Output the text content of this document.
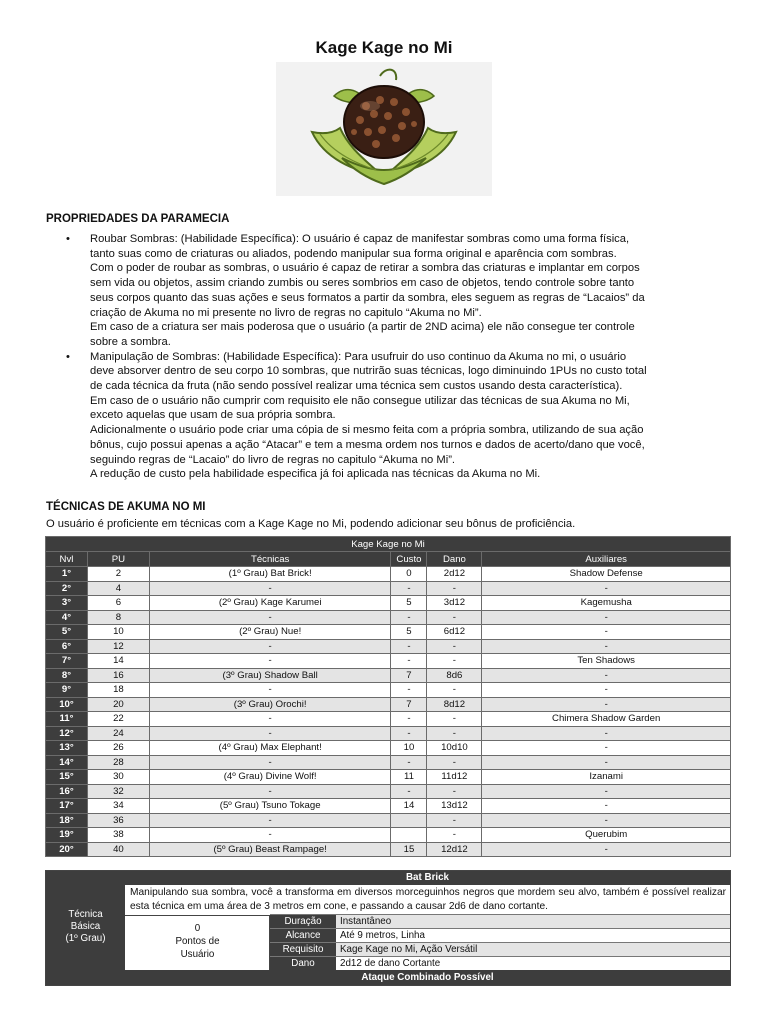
Kage Kage no Mi
PROPRIEDADES DA PARAMECIA
• Roubar Sombras: (Habilidade Específica): O usuário é capaz de manifestar sombras como uma forma física,

tanto suas como de criaturas ou aliados, podendo manipular sua forma original e aparência com sombras.

Com o poder de roubar as sombras, o usuário é capaz de retirar a sombra das criaturas e implantar em corpos

sem vida ou objetos, assim criando zumbis ou seres sombrios em caso de objetos, tendo controle sobre tanto

seus corpos quanto das suas ações e seus formatos a partir da sombra, eles seguem as regras de “Lacaios” da

criação de Akuma no mi presente no livro de regras no capitulo “Akuma no Mi”.

Em caso de a criatura ser mais poderosa que o usuário (a partir de 2ND acima) ele não consegue ter controle

sobre a sombra.

• Manipulação de Sombras: (Habilidade Específica): Para usufruir do uso continuo da Akuma no mi, o usuário

deve absorver dentro de seu corpo 10 sombras, que nutrirão suas técnicas, logo diminuindo 1PUs no custo total

de cada técnica da fruta (não sendo possível realizar uma técnica sem custos usando desta característica).

Em caso de o usuário não cumprir com requisito ele não consegue utilizar das técnicas de sua Akuma no Mi,

exceto aquelas que usam de sua própria sombra.

Adicionalmente o usuário pode criar uma cópia de si mesmo feita com a própria sombra, utilizando de sua ação

bônus, cujo possui apenas a ação “Atacar” e tem a mesma ordem nos turnos e dados de acerto/dano que você,

seguindo regras de “Lacaio” do livro de regras no capitulo “Akuma no Mi”.

A redução de custo pela habilidade especifica já foi aplicada nas técnicas da Akuma no Mi.

TÉCNICAS DE AKUMA NO MI
O usuário é proficiente em técnicas com a Kage Kage no Mi, podendo adicionar seu bônus de proficiência.
Kage Kage no Mi					
Nvl	PU	Técnicas	Custo	Dano	Auxiliares
1°	2	(1º Grau) Bat Brick!	0	2d12	Shadow Defense
2°	4	-	-	-	-
3°	6	(2º Grau) Kage Karumei	5	3d12	Kagemusha
4°	8	-	-	-	-
5°	10	(2º Grau) Nue!	5	6d12	-
6°	12	-	-	-	-
7°	14	-	-	-	Ten Shadows
8°	16	(3º Grau) Shadow Ball	7	8d6	-
9°	18	-	-	-	-
10°	20	(3º Grau) Orochi!	7	8d12	-
11°	22	-	-	-	Chimera Shadow Garden
12°	24	-	-	-	-
13°	26	(4º Grau) Max Elephant!	10	10d10	-
14°	28	-	-	-	-
15°	30	(4º Grau) Divine Wolf!	11	11d12	Izanami
16°	32	-	-	-	-
17°	34	(5º Grau) Tsuno Tokage	14	13d12	-
18°	36	-		-	-
19°	38	-		-	Querubim
20°	40	(5º Grau) Beast Rampage!	15	12d12	-
Técnica
Básica
(1º Grau)
Bat Brick
Manipulando sua sombra, você a transforma em diversos morceguinhos negros que mordem seu alvo, também é possível realizar esta técnica em uma área de 3 metros em cone, e passando a causar 2d6 de dano cortante.
0
Pontos de
Usuário
Duração	Instantâneo
Alcance	Até 9 metros, Linha
Requisito	Kage Kage no Mi, Ação Versátil
Dano	2d12 de dano Cortante
Ataque Combinado Possível
